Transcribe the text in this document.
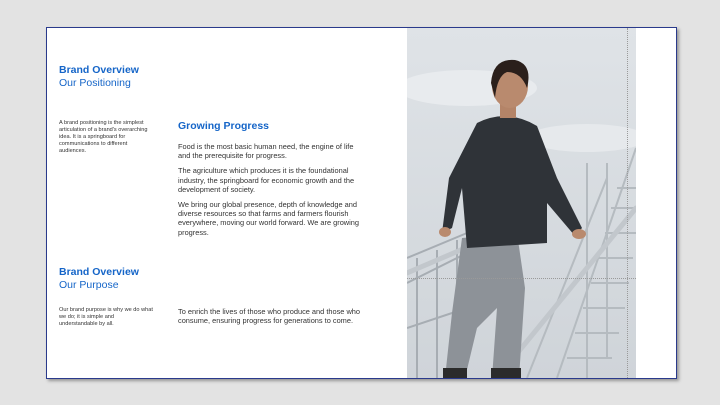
Brand Overview
Our Positioning
A brand positioning is the simplest articulation of a brand's overarching idea. It is a springboard for communications to different audiences.
Growing Progress

Food is the most basic human need, the engine of life and the prerequisite for progress.

The agriculture which produces it is the foundational industry, the springboard for economic growth and the development of society.

We bring our global presence, depth of knowledge and diverse resources so that farms and farmers flourish everywhere, moving our world forward. We are growing progress.

Brand Overview
Our Purpose
Our brand purpose is why we do what we do; it is simple and understandable by all.
To enrich the lives of those who produce and those who consume, ensuring progress for generations to come.
